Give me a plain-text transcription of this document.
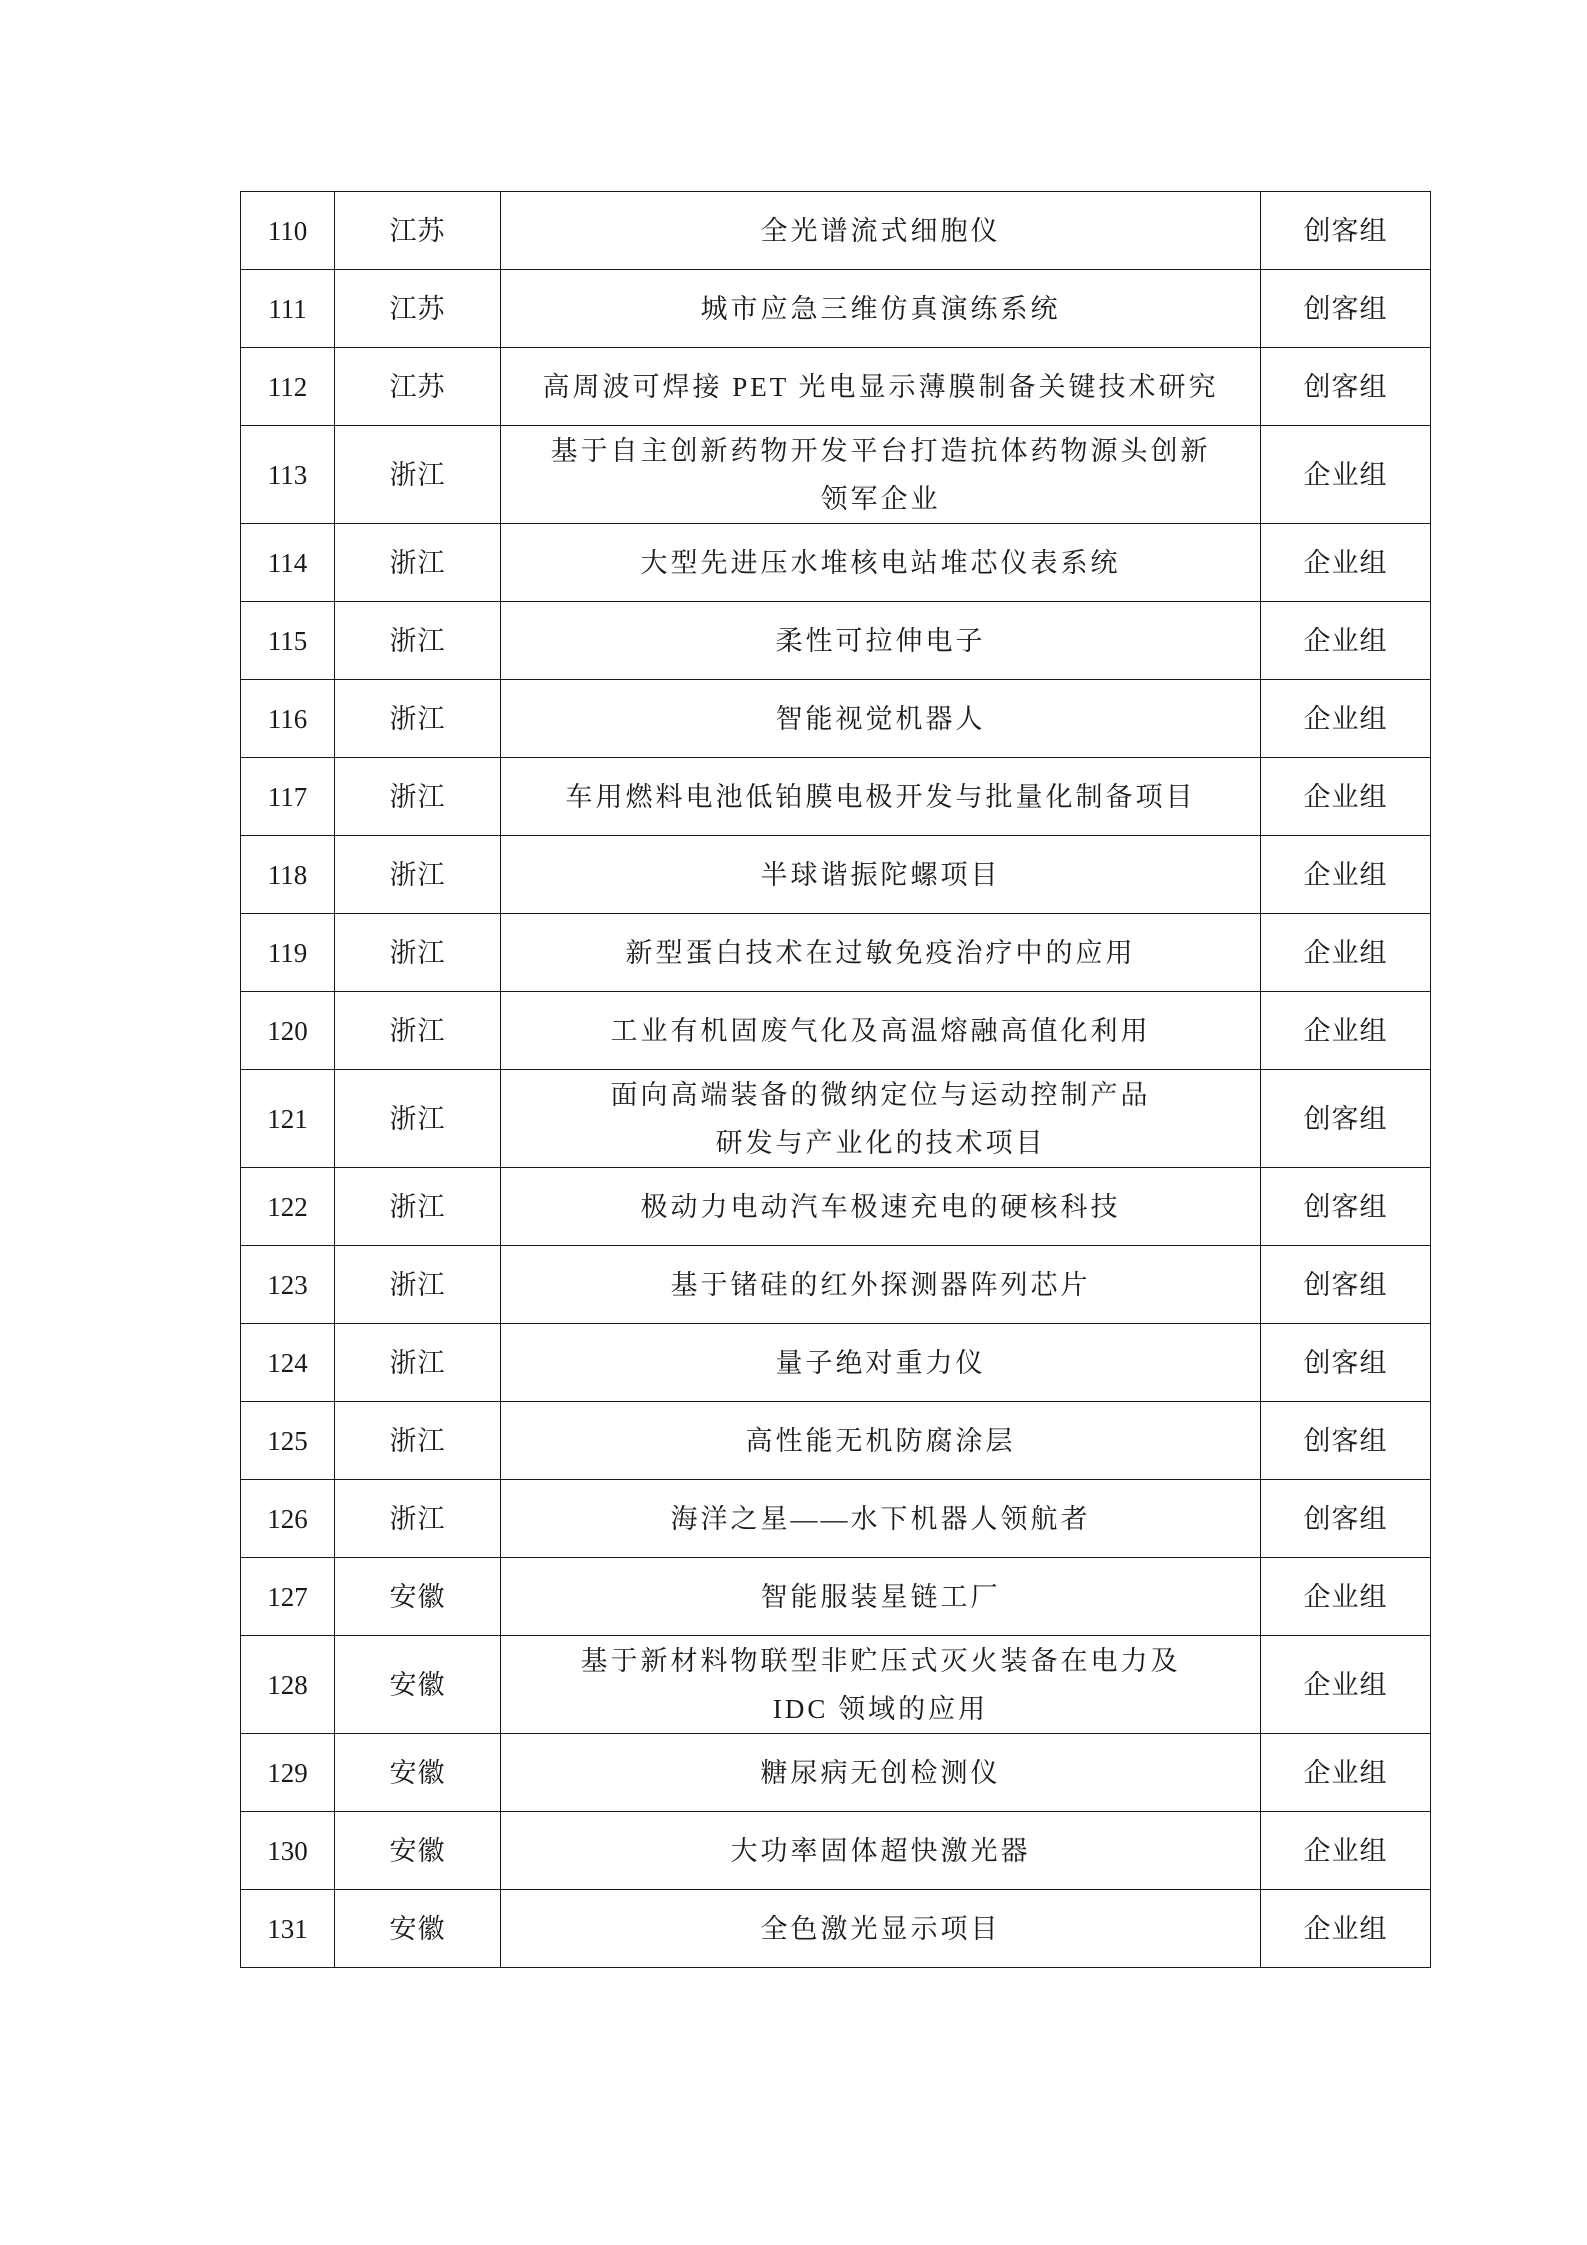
110	江苏	全光谱流式细胞仪	创客组
111	江苏	城市应急三维仿真演练系统	创客组
112	江苏	高周波可焊接 PET 光电显示薄膜制备关键技术研究	创客组
113	浙江	基于自主创新药物开发平台打造抗体药物源头创新
领军企业	企业组
114	浙江	大型先进压水堆核电站堆芯仪表系统	企业组
115	浙江	柔性可拉伸电子	企业组
116	浙江	智能视觉机器人	企业组
117	浙江	车用燃料电池低铂膜电极开发与批量化制备项目	企业组
118	浙江	半球谐振陀螺项目	企业组
119	浙江	新型蛋白技术在过敏免疫治疗中的应用	企业组
120	浙江	工业有机固废气化及高温熔融高值化利用	企业组
121	浙江	面向高端装备的微纳定位与运动控制产品
研发与产业化的技术项目	创客组
122	浙江	极动力电动汽车极速充电的硬核科技	创客组
123	浙江	基于锗硅的红外探测器阵列芯片	创客组
124	浙江	量子绝对重力仪	创客组
125	浙江	高性能无机防腐涂层	创客组
126	浙江	海洋之星——水下机器人领航者	创客组
127	安徽	智能服装星链工厂	企业组
128	安徽	基于新材料物联型非贮压式灭火装备在电力及
IDC 领域的应用	企业组
129	安徽	糖尿病无创检测仪	企业组
130	安徽	大功率固体超快激光器	企业组
131	安徽	全色激光显示项目	企业组
